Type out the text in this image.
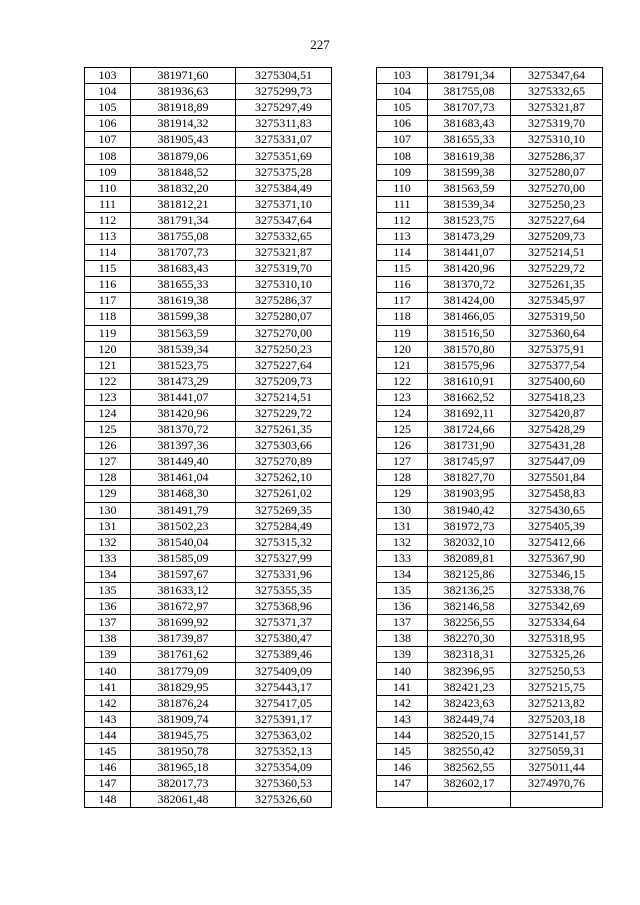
227
103	381971,60	3275304,51
104	381936,63	3275299,73
105	381918,89	3275297,49
106	381914,32	3275311,83
107	381905,43	3275331,07
108	381879,06	3275351,69
109	381848,52	3275375,28
110	381832,20	3275384,49
111	381812,21	3275371,10
112	381791,34	3275347,64
113	381755,08	3275332,65
114	381707,73	3275321,87
115	381683,43	3275319,70
116	381655,33	3275310,10
117	381619,38	3275286,37
118	381599,38	3275280,07
119	381563,59	3275270,00
120	381539,34	3275250,23
121	381523,75	3275227,64
122	381473,29	3275209,73
123	381441,07	3275214,51
124	381420,96	3275229,72
125	381370,72	3275261,35
126	381397,36	3275303,66
127	381449,40	3275270,89
128	381461,04	3275262,10
129	381468,30	3275261,02
130	381491,79	3275269,35
131	381502,23	3275284,49
132	381540,04	3275315,32
133	381585,09	3275327,99
134	381597,67	3275331,96
135	381633,12	3275355,35
136	381672,97	3275368,96
137	381699,92	3275371,37
138	381739,87	3275380,47
139	381761,62	3275389,46
140	381779,09	3275409,09
141	381829,95	3275443,17
142	381876,24	3275417,05
143	381909,74	3275391,17
144	381945,75	3275363,02
145	381950,78	3275352,13
146	381965,18	3275354,09
147	382017,73	3275360,53
148	382061,48	3275326,60
103	381791,34	3275347,64
104	381755,08	3275332,65
105	381707,73	3275321,87
106	381683,43	3275319,70
107	381655,33	3275310,10
108	381619,38	3275286,37
109	381599,38	3275280,07
110	381563,59	3275270,00
111	381539,34	3275250,23
112	381523,75	3275227,64
113	381473,29	3275209,73
114	381441,07	3275214,51
115	381420,96	3275229,72
116	381370,72	3275261,35
117	381424,00	3275345,97
118	381466,05	3275319,50
119	381516,50	3275360,64
120	381570,80	3275375,91
121	381575,96	3275377,54
122	381610,91	3275400,60
123	381662,52	3275418,23
124	381692,11	3275420,87
125	381724,66	3275428,29
126	381731,90	3275431,28
127	381745,97	3275447,09
128	381827,70	3275501,84
129	381903,95	3275458,83
130	381940,42	3275430,65
131	381972,73	3275405,39
132	382032,10	3275412,66
133	382089,81	3275367,90
134	382125,86	3275346,15
135	382136,25	3275338,76
136	382146,58	3275342,69
137	382256,55	3275334,64
138	382270,30	3275318,95
139	382318,31	3275325,26
140	382396,95	3275250,53
141	382421,23	3275215,75
142	382423,63	3275213,82
143	382449,74	3275203,18
144	382520,15	3275141,57
145	382550,42	3275059,31
146	382562,55	3275011,44
147	382602,17	3274970,76
